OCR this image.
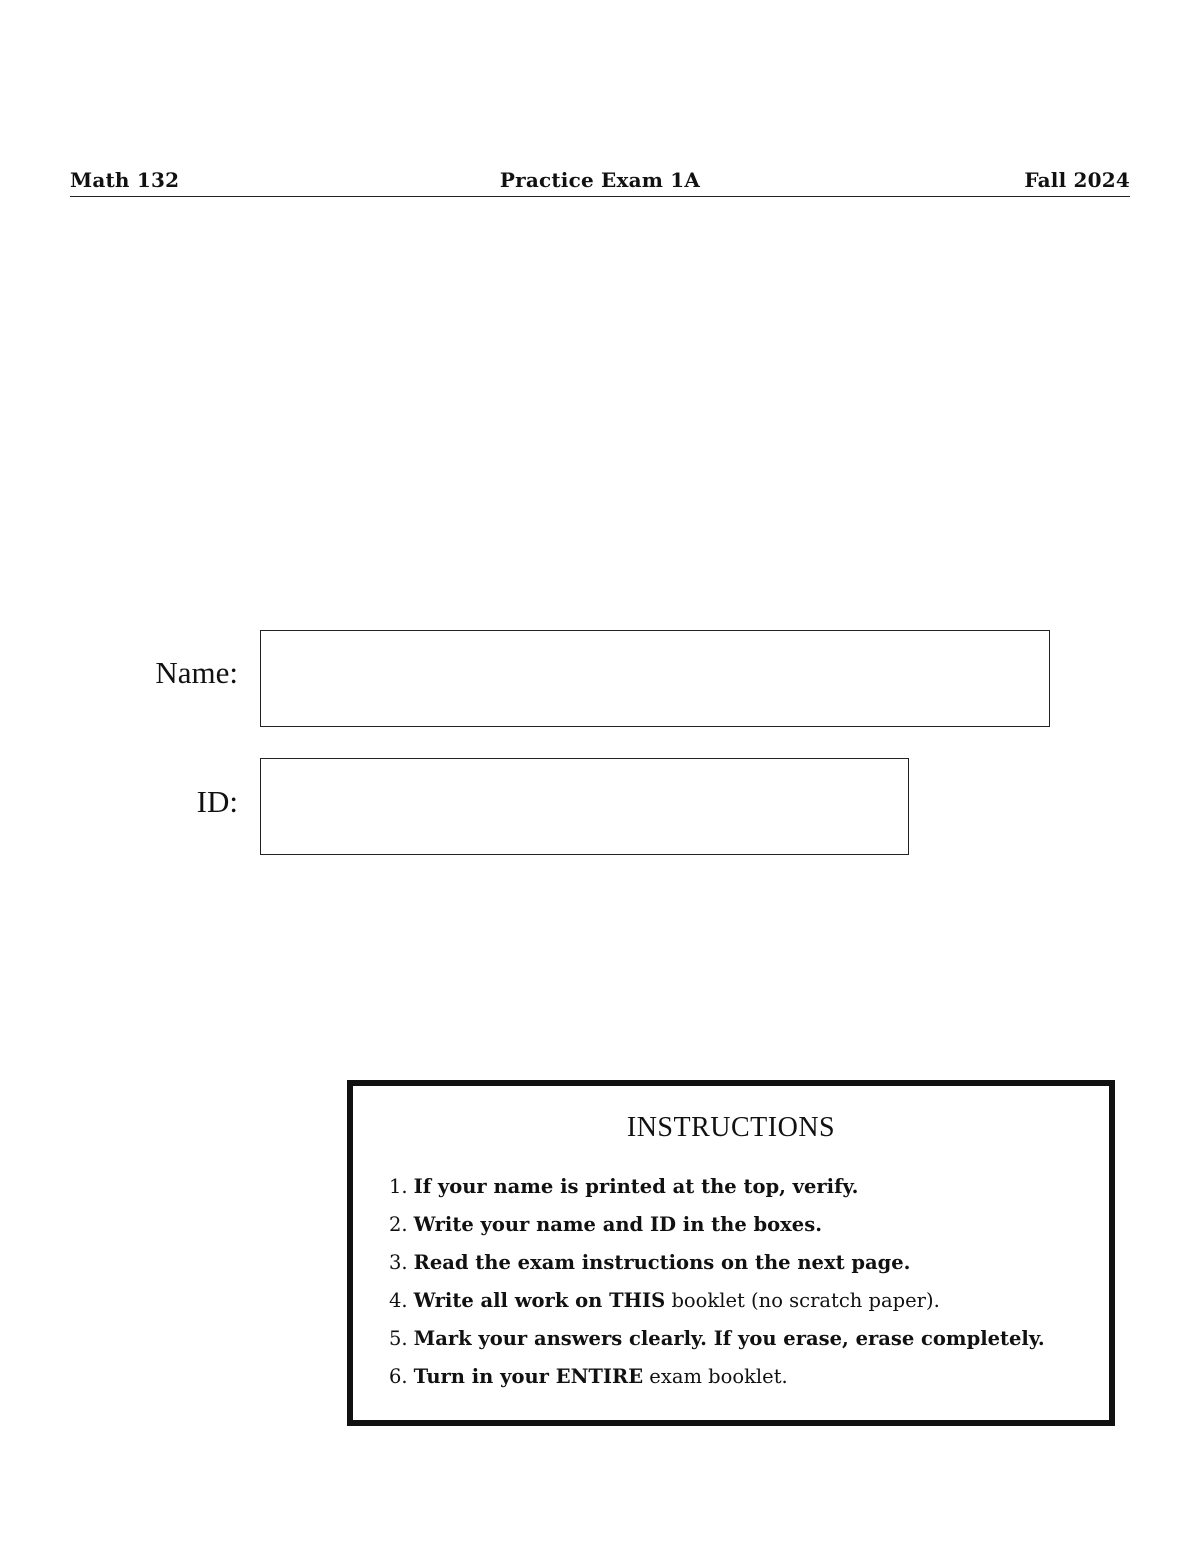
Math 132	Practice Exam 1A	Fall 2024
Name:
ID:
INSTRUCTIONS
1. If your name is printed at the top, verify.
2. Write your name and ID in the boxes.
3. Read the exam instructions on the next page.
4. Write all work on THIS booklet (no scratch paper).
5. Mark your answers clearly. If you erase, erase completely.
6. Turn in your ENTIRE exam booklet.
